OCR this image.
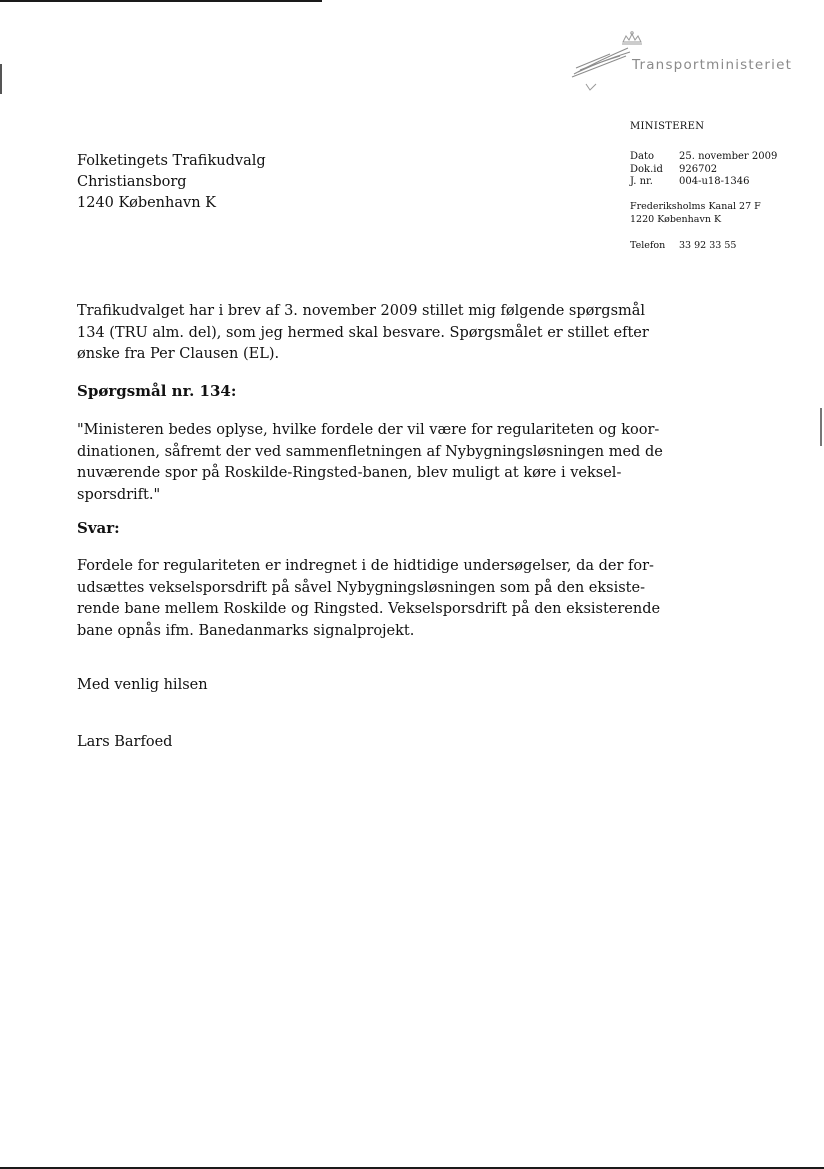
Transportministeriet
MINISTEREN
Dato	25. november 2009
Dok.id	926702
J. nr.	004-u18-1346
Frederiksholms Kanal 27 F
1220 København K
Telefon	33 92 33 55
Folketingets Trafikudvalg
Christiansborg
1240 København K

Trafikudvalget har i brev af 3. november 2009 stillet mig følgende spørgsmål
134 (TRU alm. del), som jeg hermed skal besvare. Spørgsmålet er stillet efter
ønske fra Per Clausen (EL).

Spørgsmål nr. 134:

"Ministeren bedes oplyse, hvilke fordele der vil være for regulariteten og koor-
dinationen, såfremt der ved sammenfletningen af Nybygningsløsningen med de
nuværende spor på Roskilde-Ringsted-banen, blev muligt at køre i veksel-
sporsdrift."

Svar:

Fordele for regulariteten er indregnet i de hidtidige undersøgelser, da der for-
udsættes vekselsporsdrift på såvel Nybygningsløsningen som på den eksiste-
rende bane mellem Roskilde og Ringsted. Vekselsporsdrift på den eksisterende
bane opnås ifm. Banedanmarks signalprojekt.

Med venlig hilsen

Lars Barfoed
